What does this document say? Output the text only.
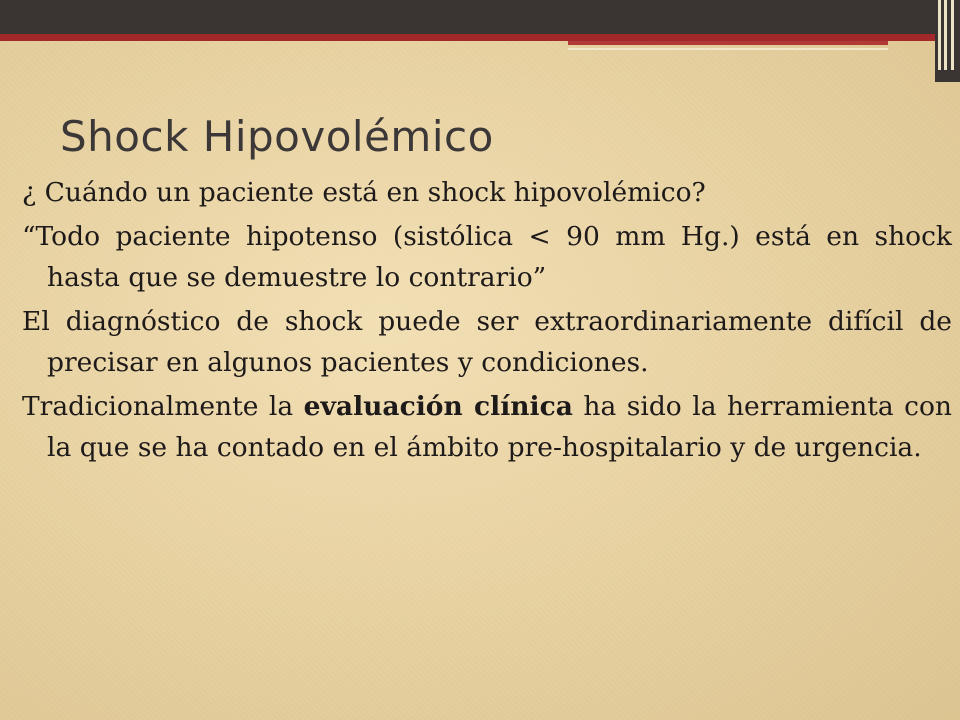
Shock Hipovolémico

¿ Cuándo un paciente está en shock hipovolémico?

“Todo paciente hipotenso (sistólica < 90 mm Hg.) está en shock hasta que se demuestre lo contrario”

El diagnóstico de shock puede ser extraordinariamente difícil de precisar en algunos pacientes y condiciones.

Tradicionalmente la evaluación clínica ha sido la herramienta con la que se ha contado en el ámbito pre-hospitalario y de urgencia.
